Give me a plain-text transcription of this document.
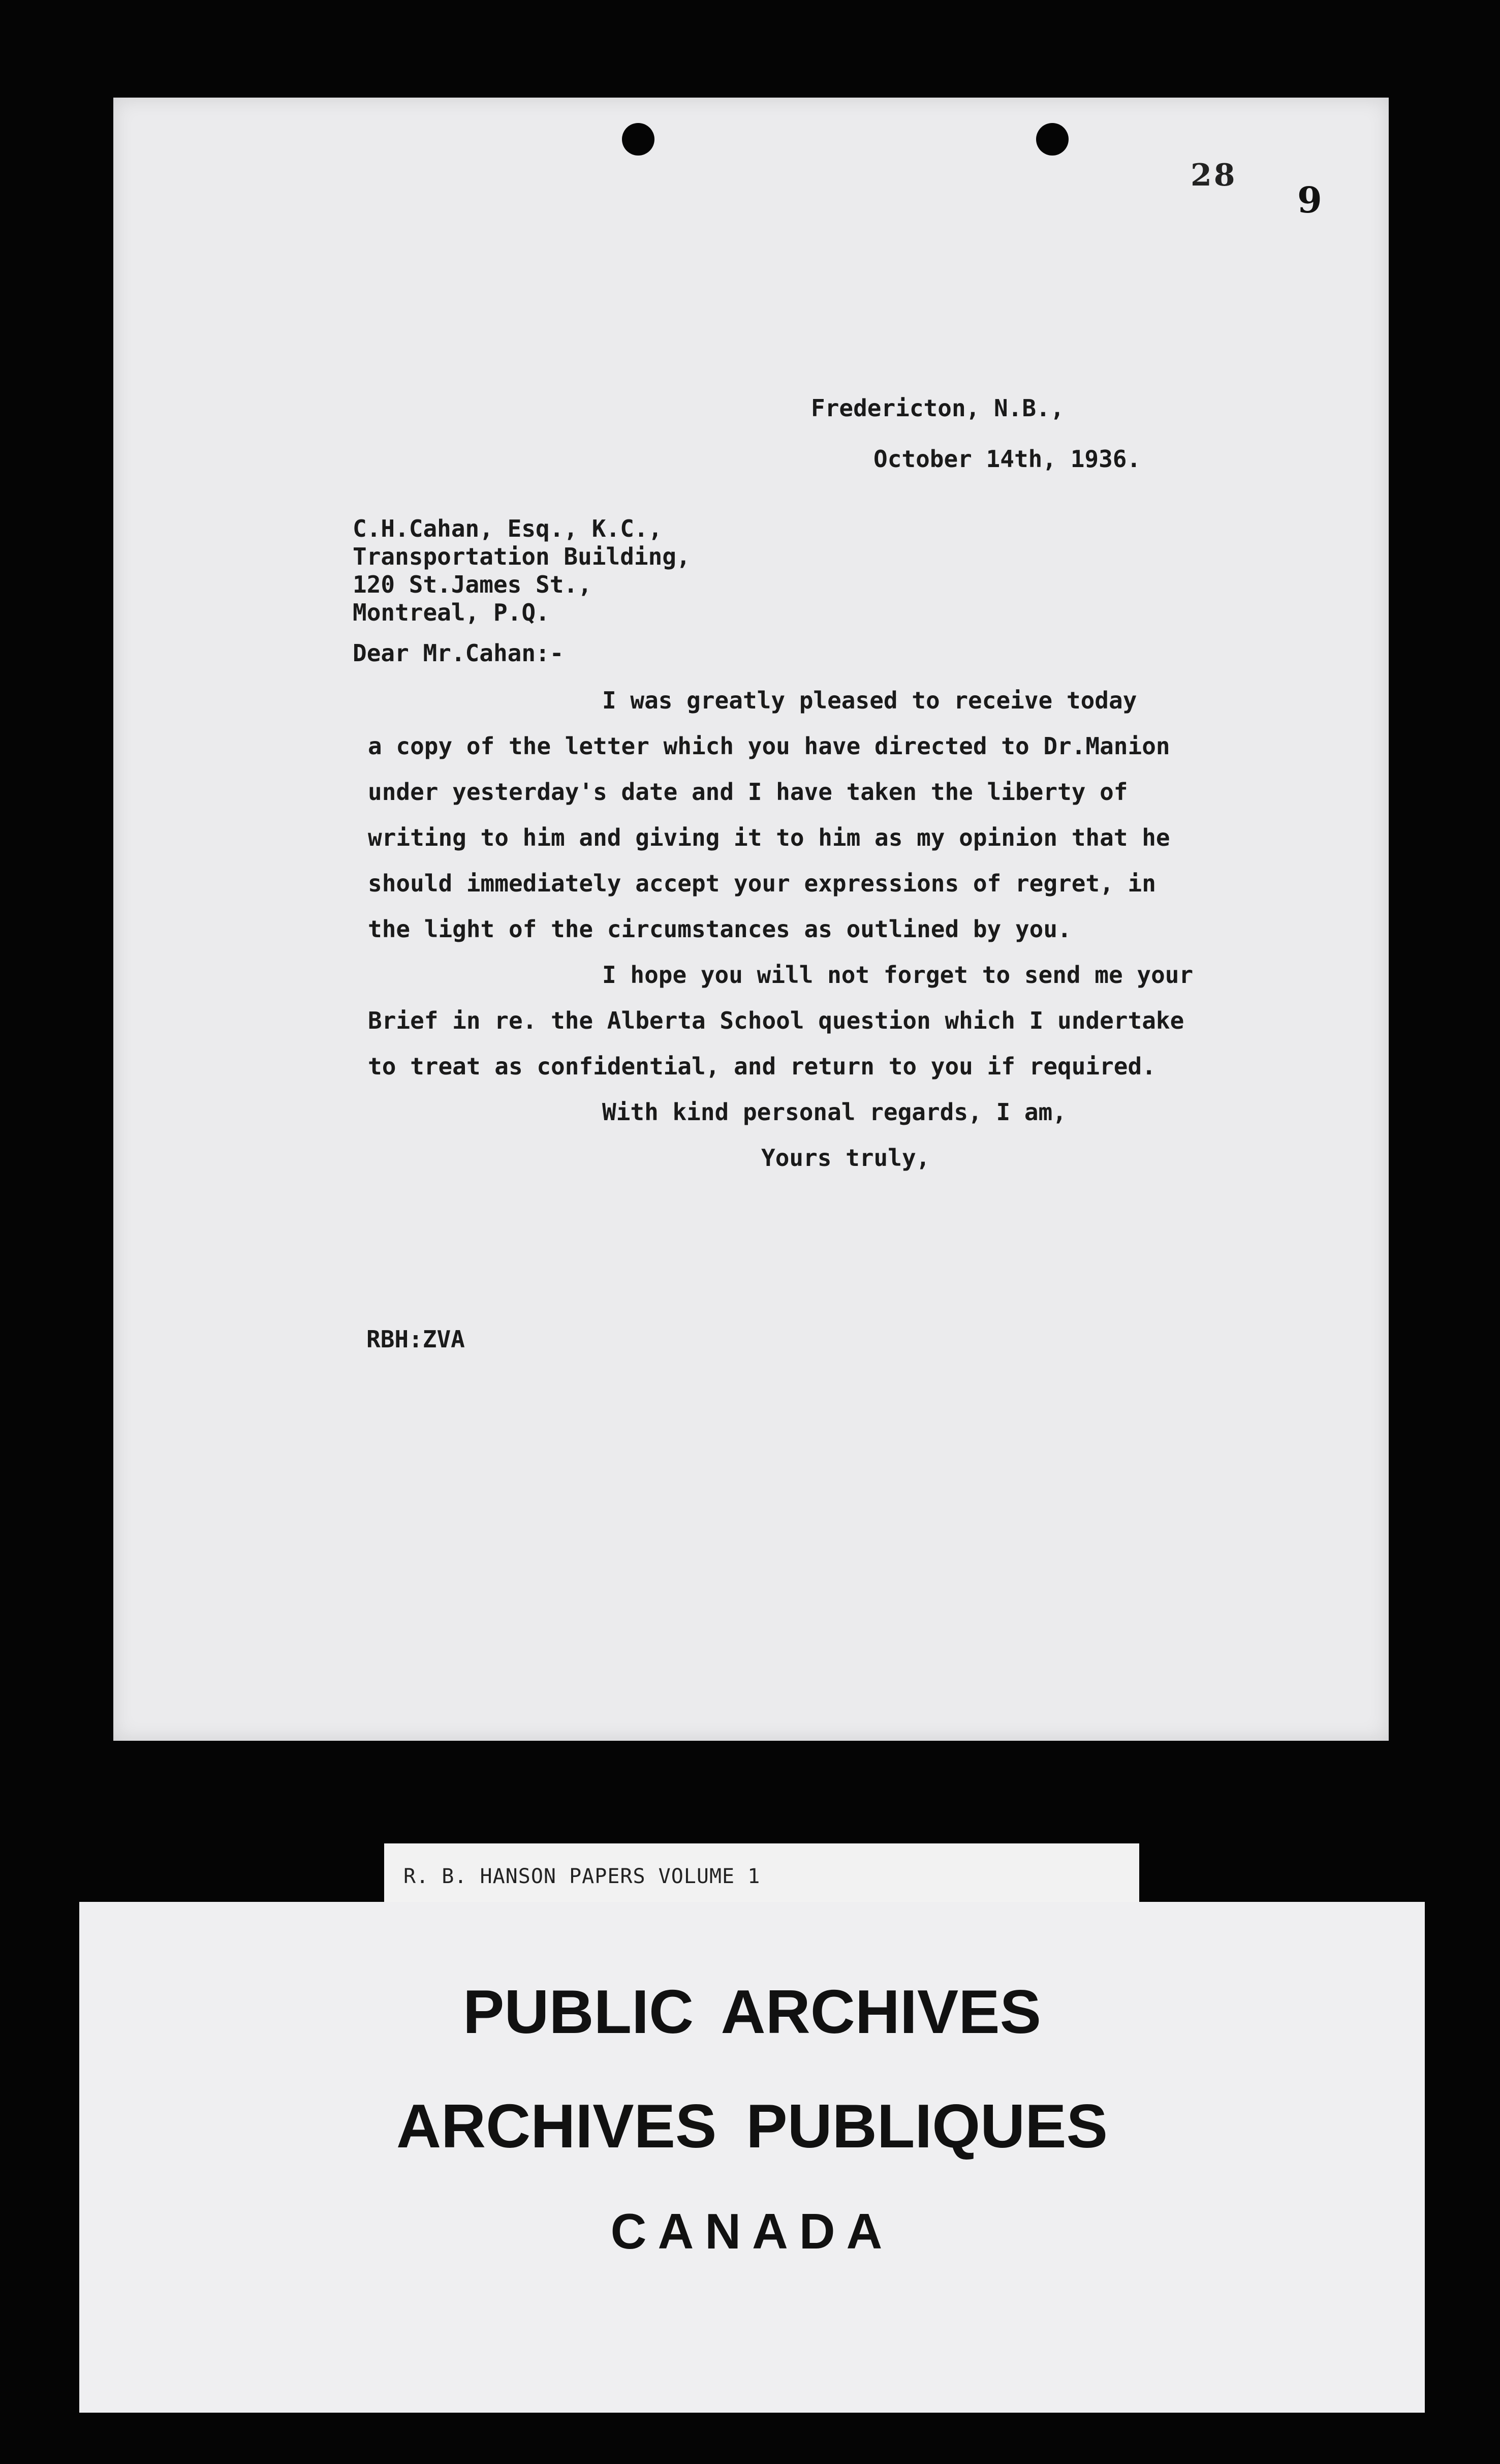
28
9

Fredericton, N.B.,

October 14th, 1936.

C.H.Cahan, Esq., K.C.,

Transportation Building,

120 St.James St.,

Montreal, P.Q.

Dear Mr.Cahan:-

I was greatly pleased to receive today

a copy of the letter which you have directed to Dr.Manion

under yesterday's date and I have taken the liberty of

writing to him and giving it to him as my opinion that he

should immediately accept your expressions of regret, in

the light of the circumstances as outlined by you.

I hope you will not forget to send me your

Brief in re. the Alberta School question which I undertake

to treat as confidential, and return to you if required.

With kind personal regards, I am,

Yours truly,

RBH:ZVA

R. B. HANSON PAPERS VOLUME 1

PUBLIC ARCHIVES

ARCHIVES PUBLIQUES

CANADA
